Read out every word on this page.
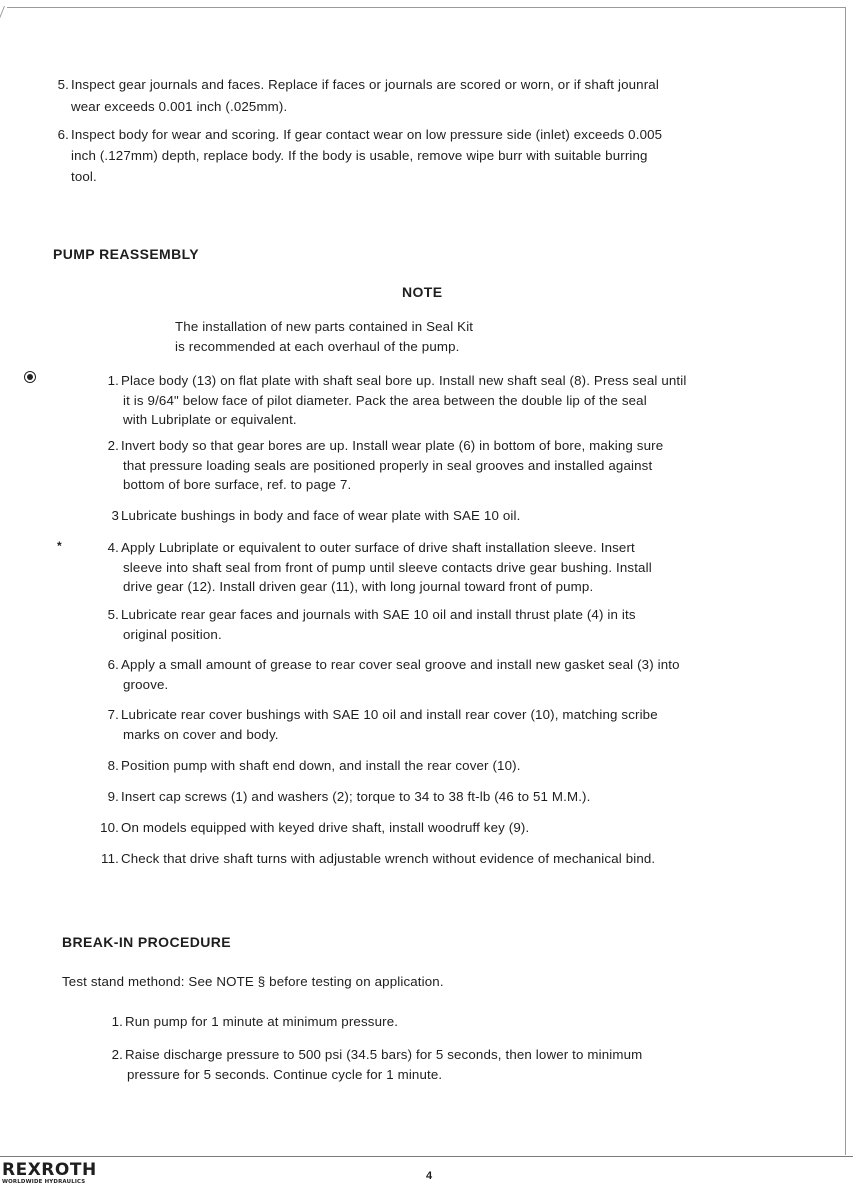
5. Inspect gear journals and faces. Replace if faces or journals are scored or worn, or if shaft jounral
wear exceeds 0.001 inch (.025mm).
6. Inspect body for wear and scoring. If gear contact wear on low pressure side (inlet) exceeds 0.005
inch (.127mm) depth, replace body. If the body is usable, remove wipe burr with suitable burring
tool.
PUMP REASSEMBLY
NOTE
The installation of new parts contained in Seal Kit
is recommended at each overhaul of the pump.
*
1. Place body (13) on flat plate with shaft seal bore up. Install new shaft seal (8). Press seal until
it is 9/64" below face of pilot diameter. Pack the area between the double lip of the seal
with Lubriplate or equivalent.
2. Invert body so that gear bores are up. Install wear plate (6) in bottom of bore, making sure
that pressure loading seals are positioned properly in seal grooves and installed against
bottom of bore surface, ref. to page 7.
3 Lubricate bushings in body and face of wear plate with SAE 10 oil.
4. Apply Lubriplate or equivalent to outer surface of drive shaft installation sleeve. Insert
sleeve into shaft seal from front of pump until sleeve contacts drive gear bushing. Install
drive gear (12). Install driven gear (11), with long journal toward front of pump.
5. Lubricate rear gear faces and journals with SAE 10 oil and install thrust plate (4) in its
original position.
6. Apply a small amount of grease to rear cover seal groove and install new gasket seal (3) into
groove.
7. Lubricate rear cover bushings with SAE 10 oil and install rear cover (10), matching scribe
marks on cover and body.
8. Position pump with shaft end down, and install the rear cover (10).
9. Insert cap screws (1) and washers (2); torque to 34 to 38 ft-lb (46 to 51 M.M.).
10. On models equipped with keyed drive shaft, install woodruff key (9).
11. Check that drive shaft turns with adjustable wrench without evidence of mechanical bind.
BREAK-IN PROCEDURE
Test stand methond: See NOTE § before testing on application.
1. Run pump for 1 minute at minimum pressure.
2. Raise discharge pressure to 500 psi (34.5 bars) for 5 seconds, then lower to minimum
pressure for 5 seconds. Continue cycle for 1 minute.
REXROTH
WORLDWIDE HYDRAULICS	4
